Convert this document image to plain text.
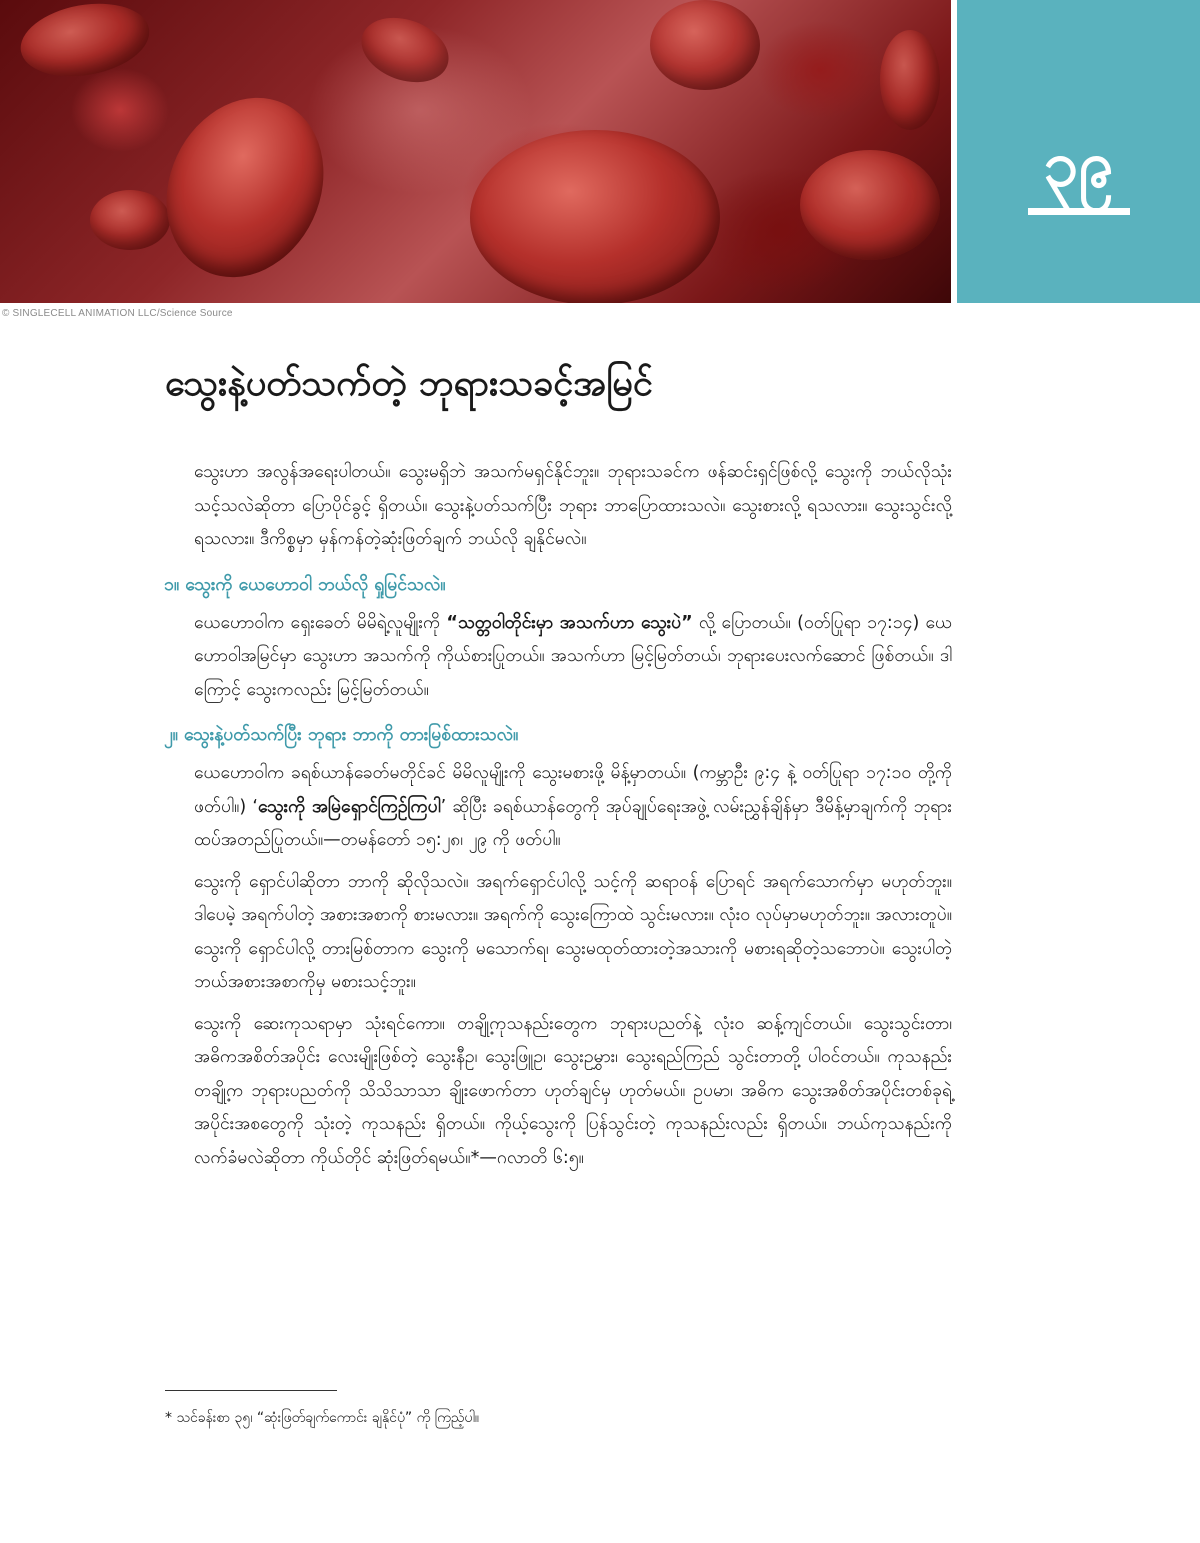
၃၉
© SINGLECELL ANIMATION LLC/Science Source
သွေးနဲ့ပတ်သက်တဲ့ ဘုရားသခင့်အမြင်

သွေးဟာ အလွန်အရေးပါတယ်။ သွေးမရှိဘဲ အသက်မရှင်နိုင်ဘူး။ ဘုရားသခင်က ဖန်ဆင်းရှင်ဖြစ်လို့ သွေးကို ဘယ်လိုသုံးသင့်သလဲဆိုတာ ပြောပိုင်ခွင့် ရှိတယ်။ သွေးနဲ့ပတ်သက်ပြီး ဘုရား ဘာပြောထားသလဲ။ သွေးစားလို့ ရသလား။ သွေးသွင်းလို့ ရသလား။ ဒီကိစ္စမှာ မှန်ကန်တဲ့ဆုံးဖြတ်ချက် ဘယ်လို ချနိုင်မလဲ။

၁။ သွေးကို ယေဟောဝါ ဘယ်လို ရှုမြင်သလဲ။

ယေဟောဝါက ရှေးခေတ် မိမိရဲ့လူမျိုးကို “သတ္တဝါတိုင်းမှာ အသက်ဟာ သွေးပဲ” လို့ ပြောတယ်။ (ဝတ်ပြုရာ ၁၇:၁၄) ယေဟောဝါအမြင်မှာ သွေးဟာ အသက်ကို ကိုယ်စားပြုတယ်။ အသက်ဟာ မြင့်မြတ်တယ်၊ ဘုရားပေးလက်ဆောင် ဖြစ်တယ်။ ဒါကြောင့် သွေးကလည်း မြင့်မြတ်တယ်။

၂။ သွေးနဲ့ပတ်သက်ပြီး ဘုရား ဘာကို တားမြစ်ထားသလဲ။

ယေဟောဝါက ခရစ်ယာန်ခေတ်မတိုင်ခင် မိမိလူမျိုးကို သွေးမစားဖို့ မိန့်မှာတယ်။ (ကမ္ဘာဦး ၉:၄ နဲ့ ဝတ်ပြုရာ ၁၇:၁၀ တို့ကို ဖတ်ပါ။) ‘သွေးကို အမြဲရှောင်ကြဉ်ကြပါ’ ဆိုပြီး ခရစ်ယာန်တွေကို အုပ်ချုပ်ရေးအဖွဲ့ လမ်းညွှန်ချိန်မှာ ဒီမိန့်မှာချက်ကို ဘုရား ထပ်အတည်ပြုတယ်။—တမန်တော် ၁၅:၂၈၊ ၂၉ ကို ဖတ်ပါ။

သွေးကို ရှောင်ပါဆိုတာ ဘာကို ဆိုလိုသလဲ။ အရက်ရှောင်ပါလို့ သင့်ကို ဆရာဝန် ပြောရင် အရက်သောက်မှာ မဟုတ်ဘူး။ ဒါပေမဲ့ အရက်ပါတဲ့ အစားအစာကို စားမလား။ အရက်ကို သွေးကြောထဲ သွင်းမလား။ လုံးဝ လုပ်မှာမဟုတ်ဘူး။ အလားတူပဲ။ သွေးကို ရှောင်ပါလို့ တားမြစ်တာက သွေးကို မသောက်ရ၊ သွေးမထုတ်ထားတဲ့အသားကို မစားရဆိုတဲ့သဘောပဲ။ သွေးပါတဲ့ ဘယ်အစားအစာကိုမှ မစားသင့်ဘူး။

သွေးကို ဆေးကုသရာမှာ သုံးရင်ကော။ တချို့ကုသနည်းတွေက ဘုရားပညတ်နဲ့ လုံးဝ ဆန့်ကျင်တယ်။ သွေးသွင်းတာ၊ အဓိကအစိတ်အပိုင်း လေးမျိုးဖြစ်တဲ့ သွေးနီဥ၊ သွေးဖြူဥ၊ သွေးဥမွှား၊ သွေးရည်ကြည် သွင်းတာတို့ ပါဝင်တယ်။ ကုသနည်းတချို့က ဘုရားပညတ်ကို သိသိသာသာ ချိုးဖောက်တာ ဟုတ်ချင်မှ ဟုတ်မယ်။ ဥပမာ၊ အဓိက သွေးအစိတ်အပိုင်းတစ်ခုရဲ့ အပိုင်းအစတွေကို သုံးတဲ့ ကုသနည်း ရှိတယ်။ ကိုယ့်သွေးကို ပြန်သွင်းတဲ့ ကုသနည်းလည်း ရှိတယ်။ ဘယ်ကုသနည်းကို လက်ခံမလဲဆိုတာ ကိုယ်တိုင် ဆုံးဖြတ်ရမယ်။*—ဂလာတိ ၆:၅။

* သင်ခန်းစာ ၃၅၊ “ဆုံးဖြတ်ချက်ကောင်း ချနိုင်ပုံ” ကို ကြည့်ပါ။
